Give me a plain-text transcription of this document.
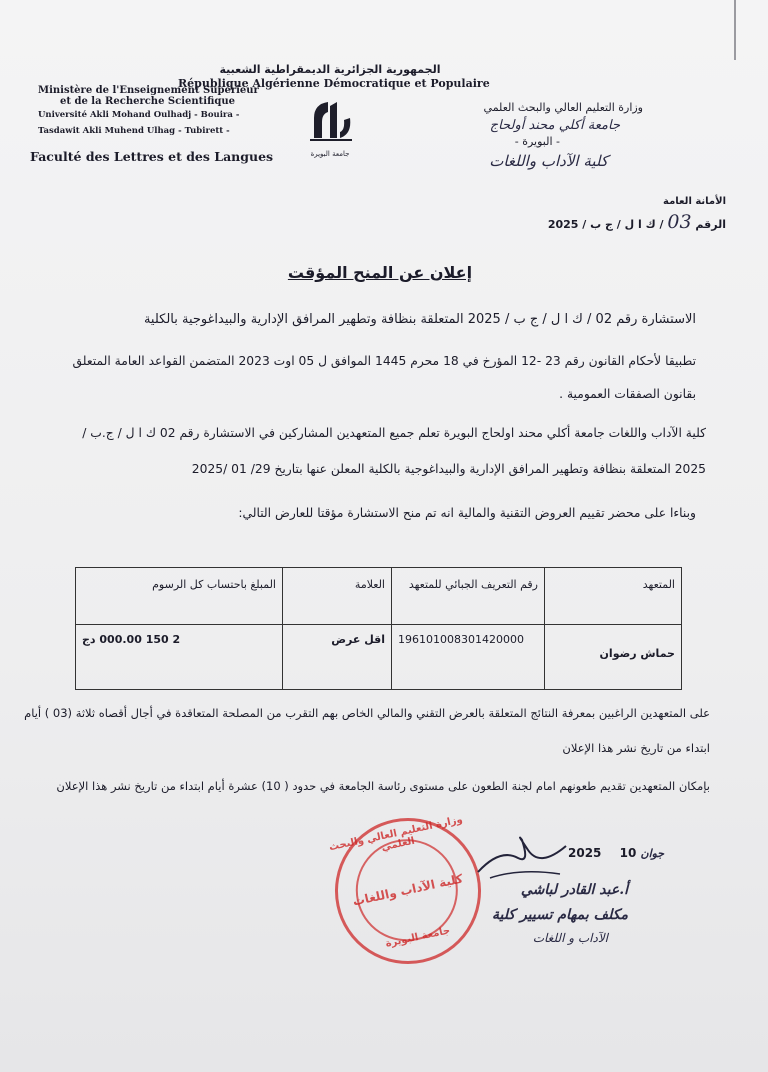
الجمهورية الجزائرية الديمقراطية الشعبية
République Algérienne Démocratique et Populaire
Ministère de l'Enseignement Supérieur
et de la Recherche Scientifique
Université Akli Mohand Oulhadj - Bouira -
Tasdawit Akli Muhend Ulhag - Tubirett -
Faculté des Lettres et des Langues	جامعة البويرة
وزارة التعليم العالي والبحث العلمي
جامعة أكلي محند أولحاج
- البويرة -
كلية الآداب واللغات
الأمانة العامة
الرقم 03 / ك ا ل / ج ب / 2025
إعلان عن المنح المؤقت
الاستشارة رقم 02 / ك ا ل / ج ب / 2025 المتعلقة بنظافة وتطهير المرافق الإدارية والبيداغوجية بالكلية
تطبيقا لأحكام القانون رقم 23 -12 المؤرخ في 18 محرم 1445 الموافق ل 05 اوت 2023 المتضمن القواعد العامة المتعلق
بقانون الصفقات العمومية .
كلية الآداب واللغات جامعة أكلي محند اولحاج البويرة تعلم جميع المتعهدين المشاركين في الاستشارة رقم 02 ك ا ل / ج.ب /
2025 المتعلقة بنظافة وتطهير المرافق الإدارية والبيداغوجية بالكلية المعلن عنها بتاريخ 29/ 01 /2025
وبناءا على محضر تقييم العروض التقنية والمالية انه تم منح الاستشارة مؤقتا للعارض التالي:
المتعهد	رقم التعريف الجبائي للمتعهد	العلامة	المبلغ باحتساب كل الرسوم
حماش رضوان	196101008301420000	اقل عرض	2 150 000.00 دج
على المتعهدين الراغبين بمعرفة النتائج المتعلقة بالعرض التقني والمالي الخاص بهم التقرب من المصلحة المتعاقدة في أجال أقصاه ثلاثة (03 ) أيام
ابتداء من تاريخ نشر هذا الإعلان
بإمكان المتعهدين تقديم طعونهم امام لجنة الطعون على مستوى رئاسة الجامعة في حدود ( 10) عشرة أيام ابتداء من تاريخ نشر هذا الإعلان
وزارة التعليم العالي والبحث العلمي
كلية الآداب واللغات
جامعة البويرة
2025	جوان 10
أ.عبد القادر لباشي
مكلف بمهام تسيير كلية
الآداب و اللغات
